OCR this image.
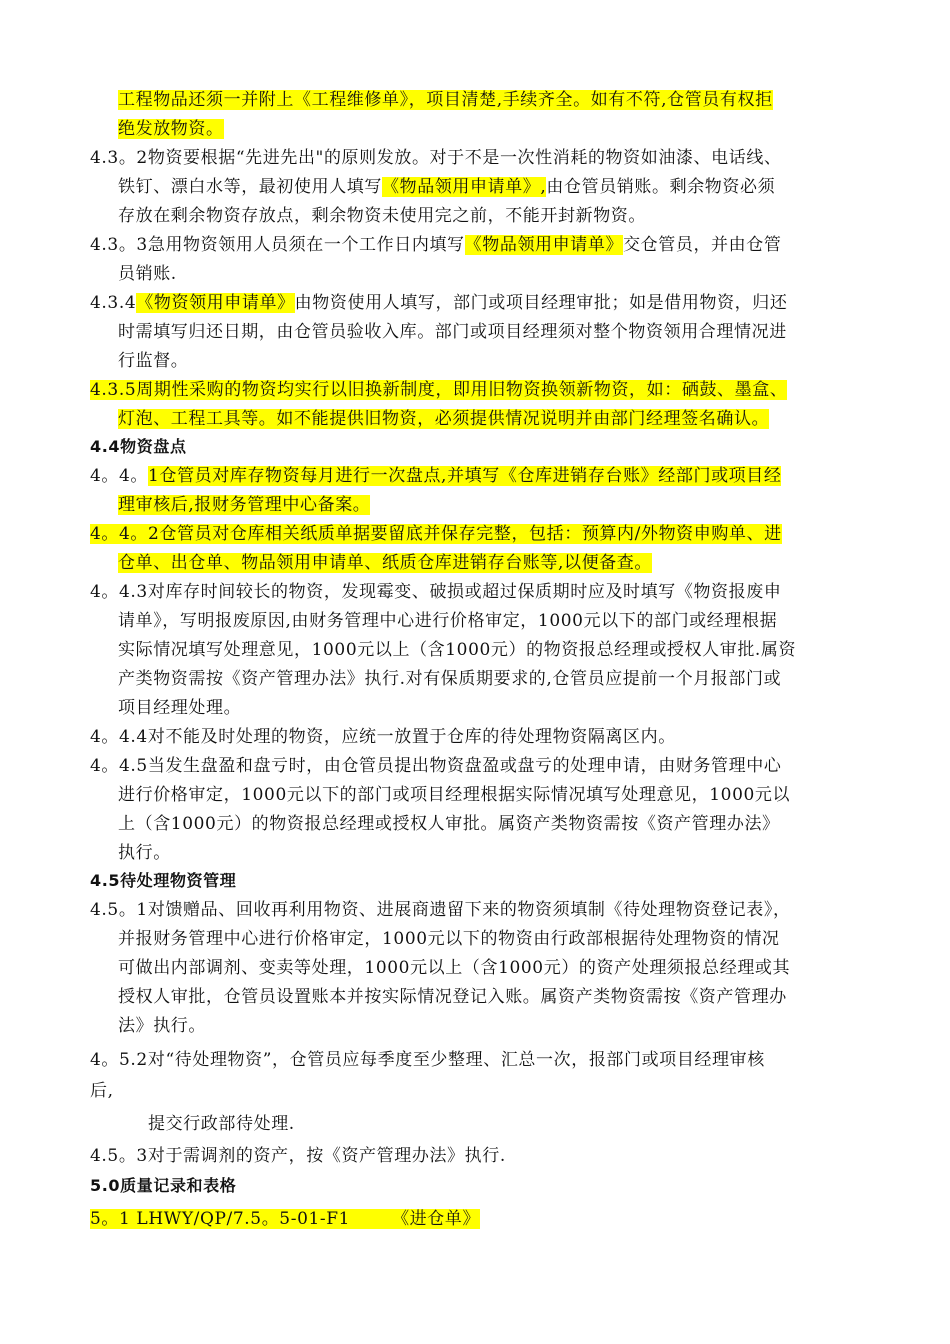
工程物品还须一并附上《工程维修单》，项目清楚,手续齐全。如有不符,仓管员有权拒
绝发放物资。
4.3。2物资要根据“先进先出"的原则发放。对于不是一次性消耗的物资如油漆、电话线、
铁钉、漂白水等，最初使用人填写《物品领用申请单》,由仓管员销账。剩余物资必须
存放在剩余物资存放点，剩余物资未使用完之前，不能开封新物资。
4.3。3急用物资领用人员须在一个工作日内填写《物品领用申请单》交仓管员，并由仓管
员销账.
4.3.4《物资领用申请单》由物资使用人填写，部门或项目经理审批；如是借用物资，归还
时需填写归还日期，由仓管员验收入库。部门或项目经理须对整个物资领用合理情况进
行监督。
4.3.5周期性采购的物资均实行以旧换新制度，即用旧物资换领新物资，如：硒鼓、墨盒、
灯泡、工程工具等。如不能提供旧物资，必须提供情况说明并由部门经理签名确认。
4.4物资盘点
4。4。1仓管员对库存物资每月进行一次盘点,并填写《仓库进销存台账》经部门或项目经
理审核后,报财务管理中心备案。
4。4。2仓管员对仓库相关纸质单据要留底并保存完整，包括：预算内/外物资申购单、进
仓单、出仓单、物品领用申请单、纸质仓库进销存台账等,以便备查。
4。4.3对库存时间较长的物资，发现霉变、破损或超过保质期时应及时填写《物资报废申
请单》，写明报废原因,由财务管理中心进行价格审定，1000元以下的部门或经理根据
实际情况填写处理意见，1000元以上（含1000元）的物资报总经理或授权人审批.属资
产类物资需按《资产管理办法》执行.对有保质期要求的,仓管员应提前一个月报部门或
项目经理处理。
4。4.4对不能及时处理的物资，应统一放置于仓库的待处理物资隔离区内。
4。4.5当发生盘盈和盘亏时，由仓管员提出物资盘盈或盘亏的处理申请，由财务管理中心
进行价格审定，1000元以下的部门或项目经理根据实际情况填写处理意见，1000元以
上（含1000元）的物资报总经理或授权人审批。属资产类物资需按《资产管理办法》
执行。
4.5待处理物资管理
4.5。1对馈赠品、回收再利用物资、进展商遗留下来的物资须填制《待处理物资登记表》，
并报财务管理中心进行价格审定，1000元以下的物资由行政部根据待处理物资的情况
可做出内部调剂、变卖等处理，1000元以上（含1000元）的资产处理须报总经理或其
授权人审批，仓管员设置账本并按实际情况登记入账。属资产类物资需按《资产管理办
法》执行。
4。5.2对“待处理物资”，仓管员应每季度至少整理、汇总一次，报部门或项目经理审核
后,
提交行政部待处理.
4.5。3对于需调剂的资产，按《资产管理办法》执行.
5.0质量记录和表格
5。1 LHWY/QP/7.5。5-01-F1       《进仓单》
